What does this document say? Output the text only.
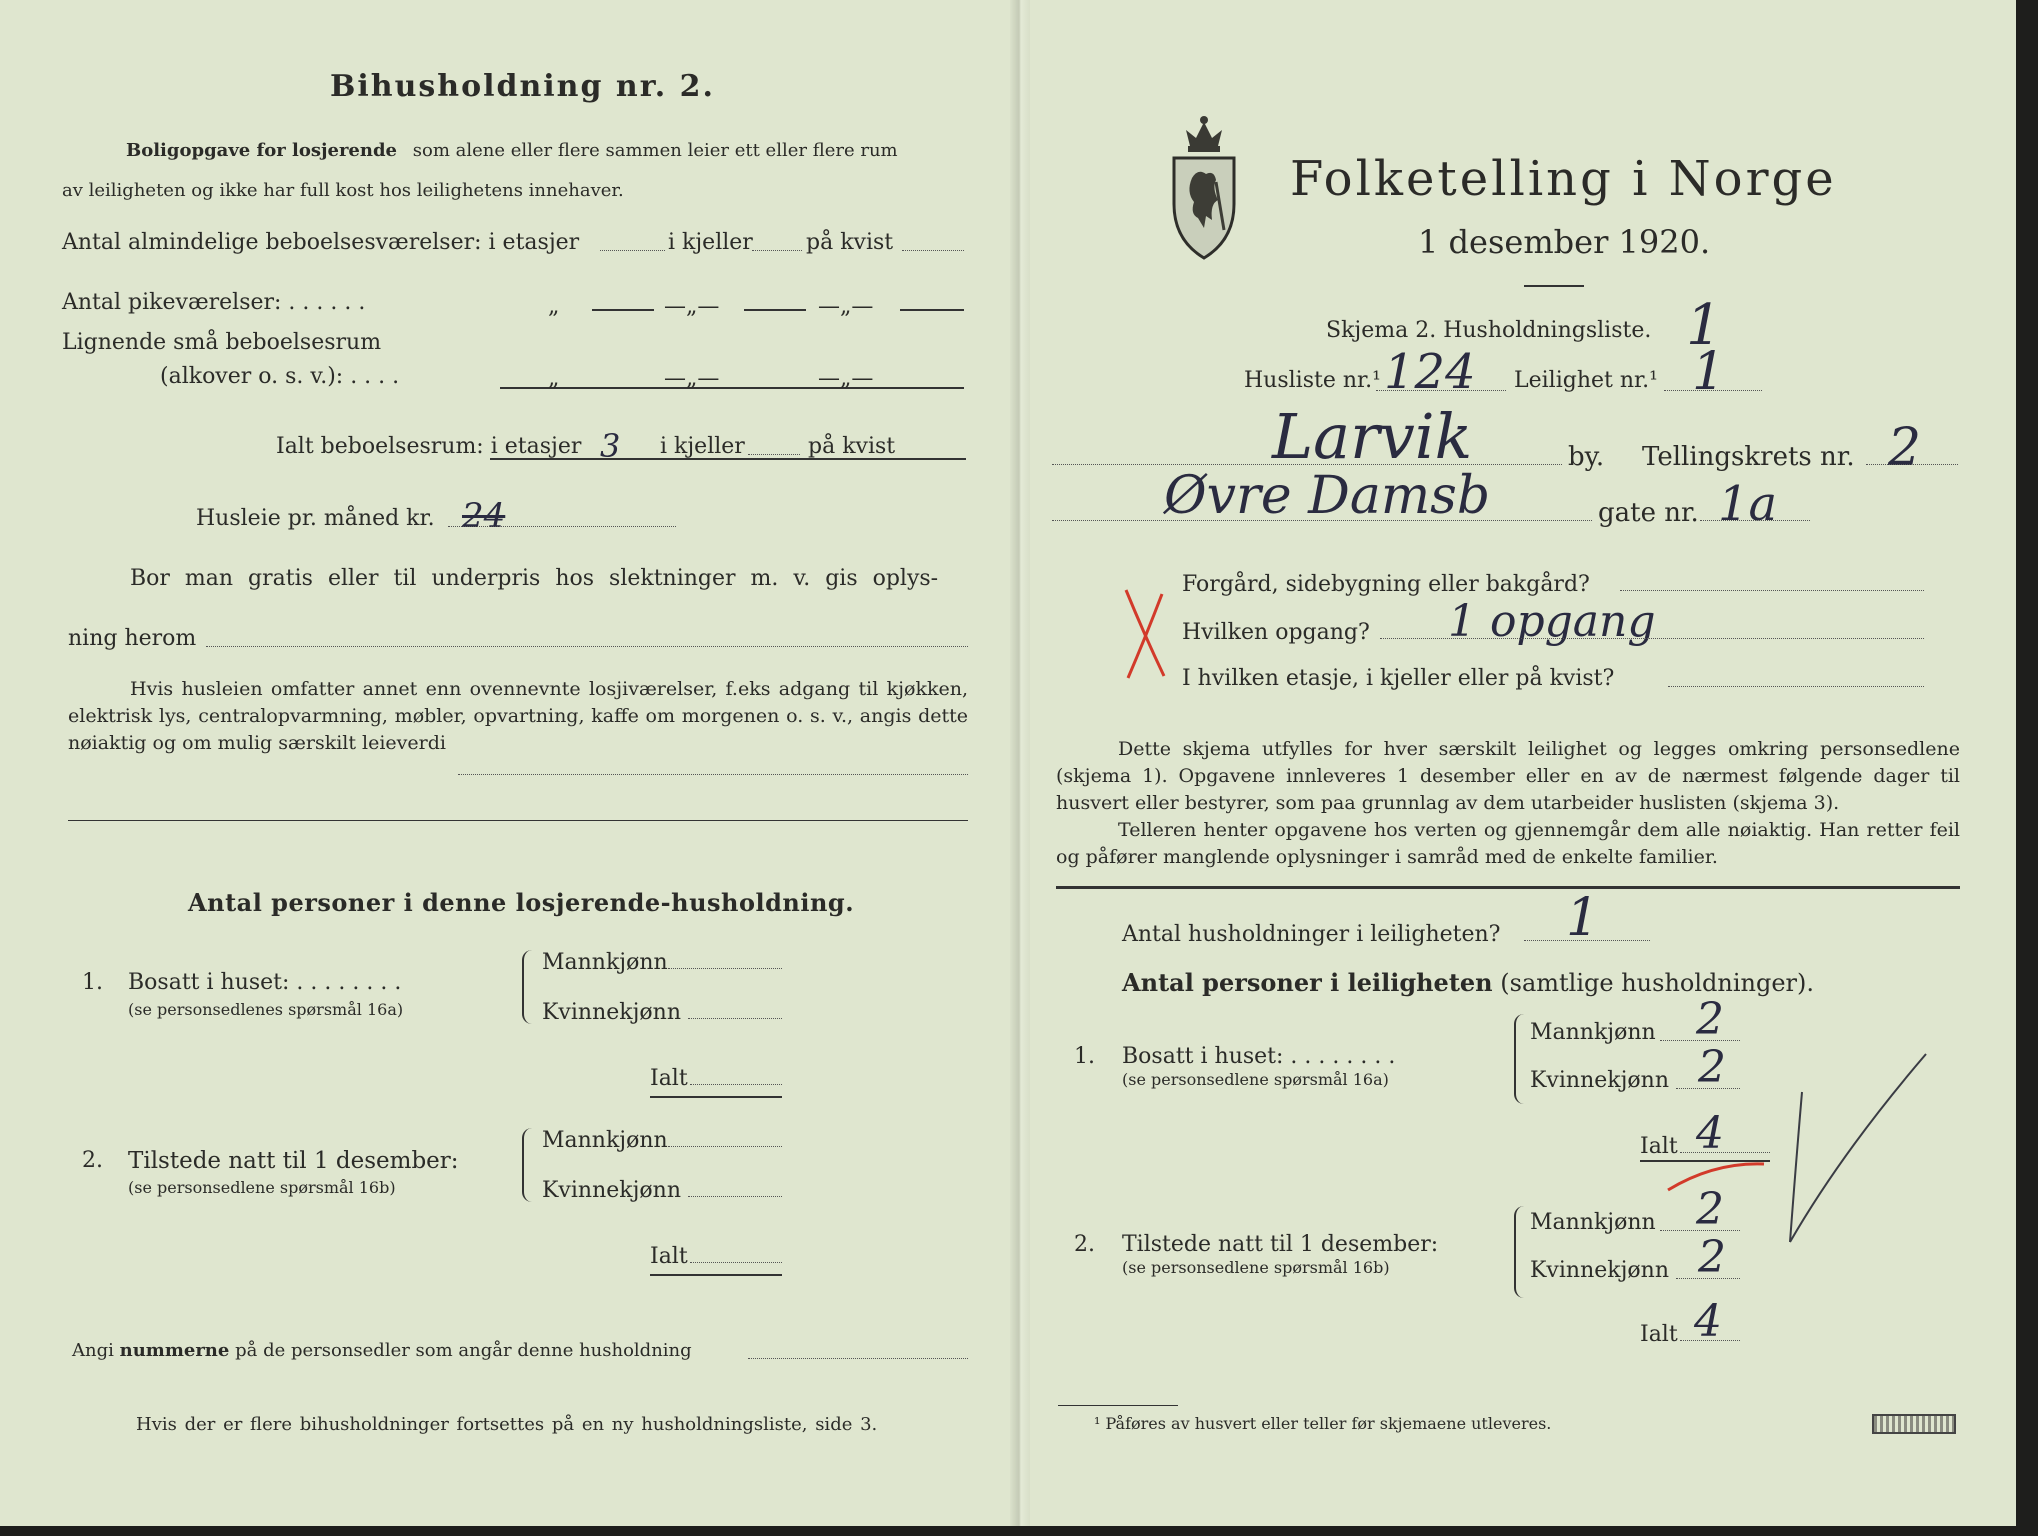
Bihusholdning nr. 2.
Boligopgave for losjerende som alene eller flere sammen leier ett eller flere rum
av leiligheten og ikke har full kost hos leilighetens innehaver.
Antal almindelige beboelsesværelser: i etasjer	i kjeller på kvist
Antal pikeværelser: . . . . . .	„	—„—	—„—
Lignende små beboelsesrum
(alkover o. s. v.): . . . .	„	—„—	—„—
Ialt beboelsesrum: i etasjer 3 i kjeller	på kvist
Husleie pr. måned kr. 24
Bor man gratis eller til underpris hos slektninger m. v. gis oplys-
ning herom
Hvis husleien omfatter annet enn ovennevnte losjiværelser, f.eks adgang til kjøkken, elektrisk lys, centralopvarmning, møbler, opvartning, kaffe om morgenen o. s. v., angis dette nøiaktig og om mulig særskilt leieverdi
Antal personer i denne losjerende-husholdning.
1. Bosatt i huset: . . . . . . . .
(se personsedlenes spørsmål 16a)
Mannkjønn
Kvinnekjønn
Ialt
2. Tilstede natt til 1 desember:
(se personsedlene spørsmål 16b)
Mannkjønn
Kvinnekjønn
Ialt
Angi nummerne på de personsedler som angår denne husholdning
Hvis der er flere bihusholdninger fortsettes på en ny husholdningsliste, side 3.
Folketelling i Norge
1 desember 1920.
Skjema 2. Husholdningsliste. 1
Husliste nr.¹ 124 Leilighet nr.¹ 1
Larvik	by. Tellingskrets nr. 2
Øvre Damsb	gate nr. 1a
Forgård, sidebygning eller bakgård?
Hvilken opgang? 1 opgang
I hvilken etasje, i kjeller eller på kvist?
Dette skjema utfylles for hver særskilt leilighet og legges omkring personsedlene (skjema 1). Opgavene innleveres 1 desember eller en av de nærmest følgende dager til husvert eller bestyrer, som paa grunnlag av dem utarbeider huslisten (skjema 3).
Telleren henter opgavene hos verten og gjennemgår dem alle nøiaktig. Han retter feil og påfører manglende oplysninger i samråd med de enkelte familier.
Antal husholdninger i leiligheten? 1
Antal personer i leiligheten (samtlige husholdninger).
1. Bosatt i huset: . . . . . . . .
(se personsedlene spørsmål 16a)
Mannkjønn 2
Kvinnekjønn 2
Ialt 4
2. Tilstede natt til 1 desember:
(se personsedlene spørsmål 16b)
Mannkjønn 2
Kvinnekjønn 2
Ialt 4
¹ Påføres av husvert eller teller før skjemaene utleveres.
